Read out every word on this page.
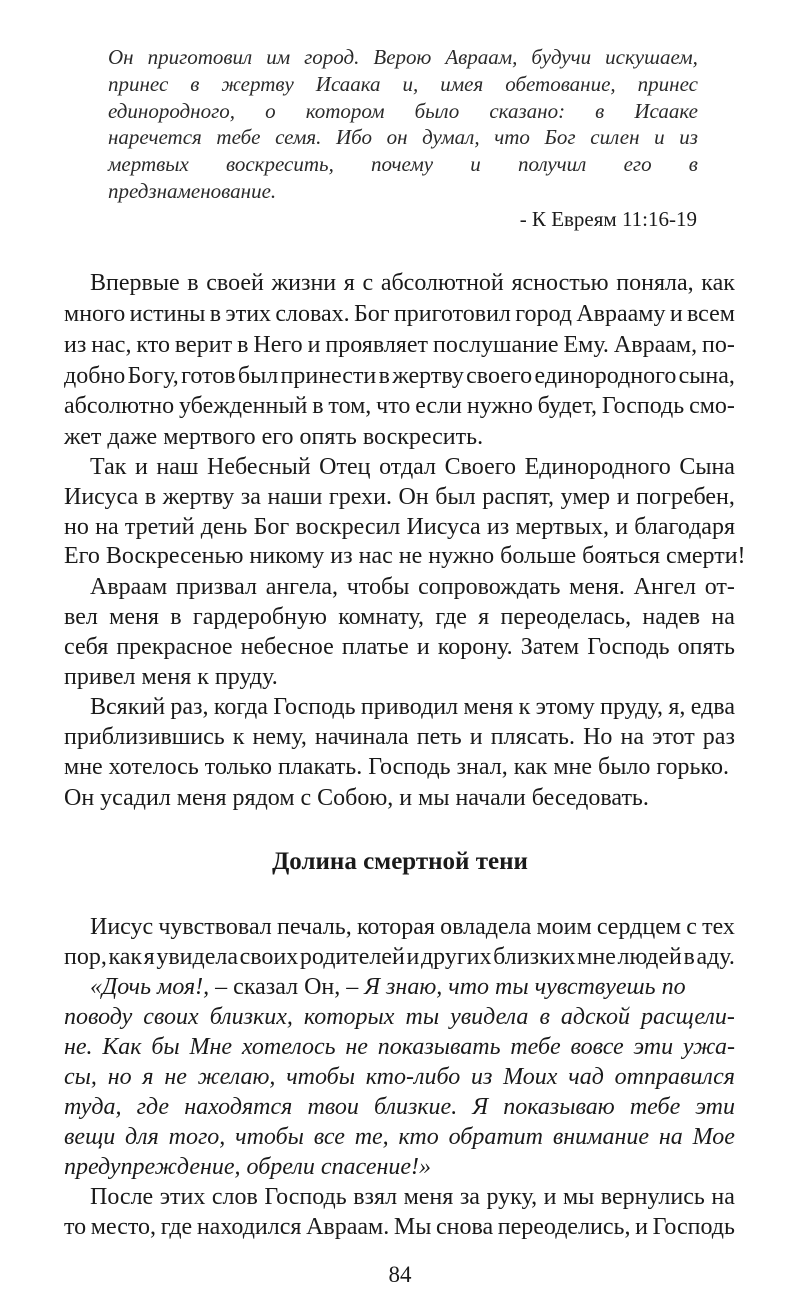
Он приготовил им город. Верою Авраам, будучи искушаем,

принес в жертву Исаака и, имея обетование, принес

единородного, о котором было сказано: в Исааке

наречется тебе семя. Ибо он думал, что Бог силен и из

мертвых воскресить, почему и получил его в

предзнаменование.

- К Евреям 11:16-19

Впервые в своей жизни я с абсолютной ясностью поняла, как

много истины в этих словах. Бог приготовил город Аврааму и всем

из нас, кто верит в Него и проявляет послушание Ему. Авраам, по-

добно Богу, готов был принести в жертву своего единородного сына,

абсолютно убежденный в том, что если нужно будет, Господь смо-

жет даже мертвого его опять воскресить.

Так и наш Небесный Отец отдал Своего Единородного Сына

Иисуса в жертву за наши грехи. Он был распят, умер и погребен,

но на третий день Бог воскресил Иисуса из мертвых, и благодаря

Его Воскресенью никому из нас не нужно больше бояться смерти!

Авраам призвал ангела, чтобы сопровождать меня. Ангел от-

вел меня в гардеробную комнату, где я переоделась, надев на

себя прекрасное небесное платье и корону. Затем Господь опять

привел меня к пруду.

Всякий раз, когда Господь приводил меня к этому пруду, я, едва

приблизившись к нему, начинала петь и плясать. Но на этот раз

мне хотелось только плакать. Господь знал, как мне было горько.

Он усадил меня рядом с Собою, и мы начали беседовать.

Долина смертной тени

Иисус чувствовал печаль, которая овладела моим сердцем с тех

пор, как я увидела своих родителей и других близких мне людей в аду.

«Дочь моя!, – сказал Он, – Я знаю, что ты чувствуешь по

поводу своих близких, которых ты увидела в адской расщели-

не. Как бы Мне хотелось не показывать тебе вовсе эти ужа-

сы, но я не желаю, чтобы кто-либо из Моих чад отправился

туда, где находятся твои близкие. Я показываю тебе эти

вещи для того, чтобы все те, кто обратит внимание на Мое

предупреждение, обрели спасение!»

После этих слов Господь взял меня за руку, и мы вернулись на

то место, где находился Авраам. Мы снова переоделись, и Господь

84
